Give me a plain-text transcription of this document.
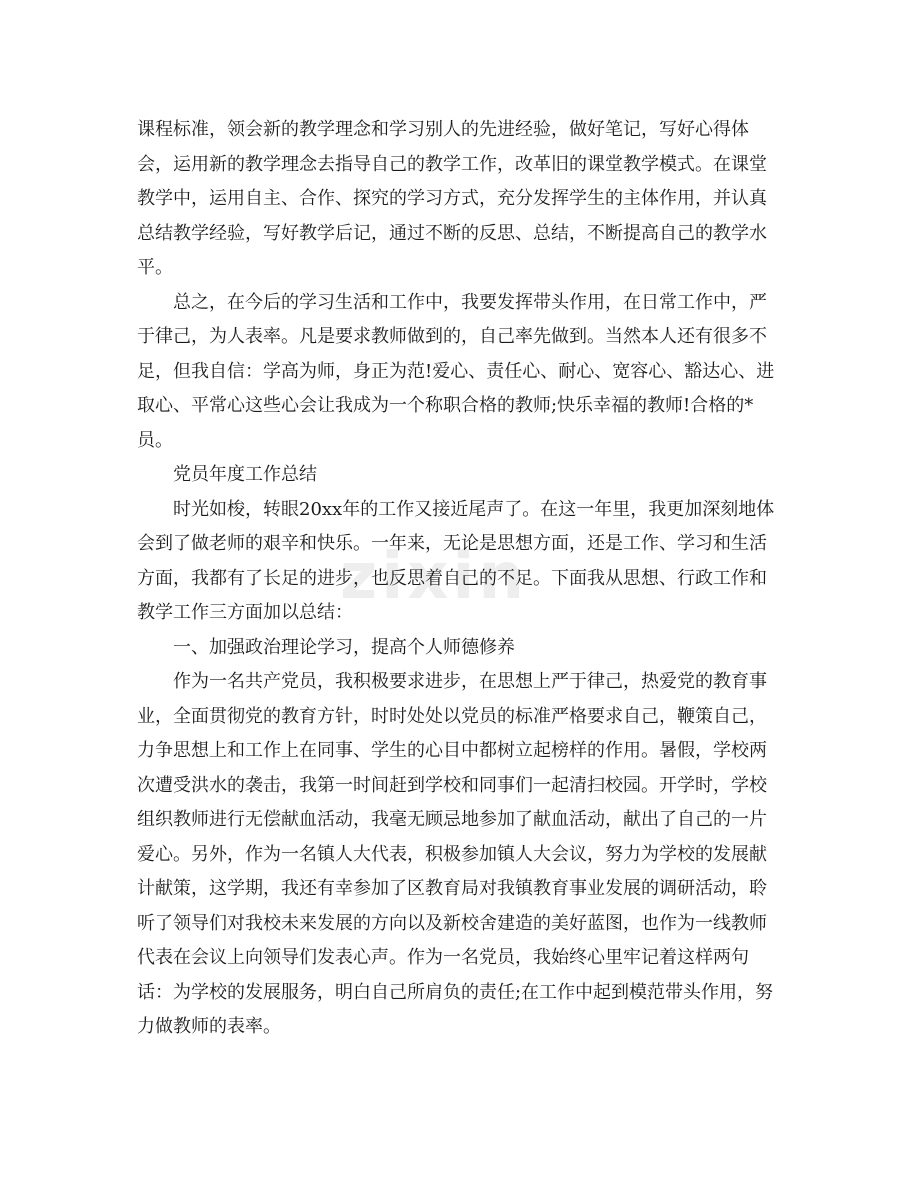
zixin
课程标准，领会新的教学理念和学习别人的先进经验，做好笔记，写好心得体
会，运用新的教学理念去指导自己的教学工作，改革旧的课堂教学模式。在课堂
教学中，运用自主、合作、探究的学习方式，充分发挥学生的主体作用，并认真
总结教学经验，写好教学后记，通过不断的反思、总结，不断提高自己的教学水
平。
总之，在今后的学习生活和工作中，我要发挥带头作用，在日常工作中，严
于律己，为人表率。凡是要求教师做到的，自己率先做到。当然本人还有很多不
足，但我自信：学高为师，身正为范!爱心、责任心、耐心、宽容心、豁达心、进
取心、平常心这些心会让我成为一个称职合格的教师;快乐幸福的教师!合格的*
员。
党员年度工作总结
时光如梭，转眼20xx年的工作又接近尾声了。在这一年里，我更加深刻地体
会到了做老师的艰辛和快乐。一年来，无论是思想方面，还是工作、学习和生活
方面，我都有了长足的进步，也反思着自己的不足。下面我从思想、行政工作和
教学工作三方面加以总结：
一、加强政治理论学习，提高个人师德修养
作为一名共产党员，我积极要求进步，在思想上严于律己，热爱党的教育事
业，全面贯彻党的教育方针，时时处处以党员的标准严格要求自己，鞭策自己，
力争思想上和工作上在同事、学生的心目中都树立起榜样的作用。暑假，学校两
次遭受洪水的袭击，我第一时间赶到学校和同事们一起清扫校园。开学时，学校
组织教师进行无偿献血活动，我毫无顾忌地参加了献血活动，献出了自己的一片
爱心。另外，作为一名镇人大代表，积极参加镇人大会议，努力为学校的发展献
计献策，这学期，我还有幸参加了区教育局对我镇教育事业发展的调研活动，聆
听了领导们对我校未来发展的方向以及新校舍建造的美好蓝图，也作为一线教师
代表在会议上向领导们发表心声。作为一名党员，我始终心里牢记着这样两句
话：为学校的发展服务，明白自己所肩负的责任;在工作中起到模范带头作用，努
力做教师的表率。
